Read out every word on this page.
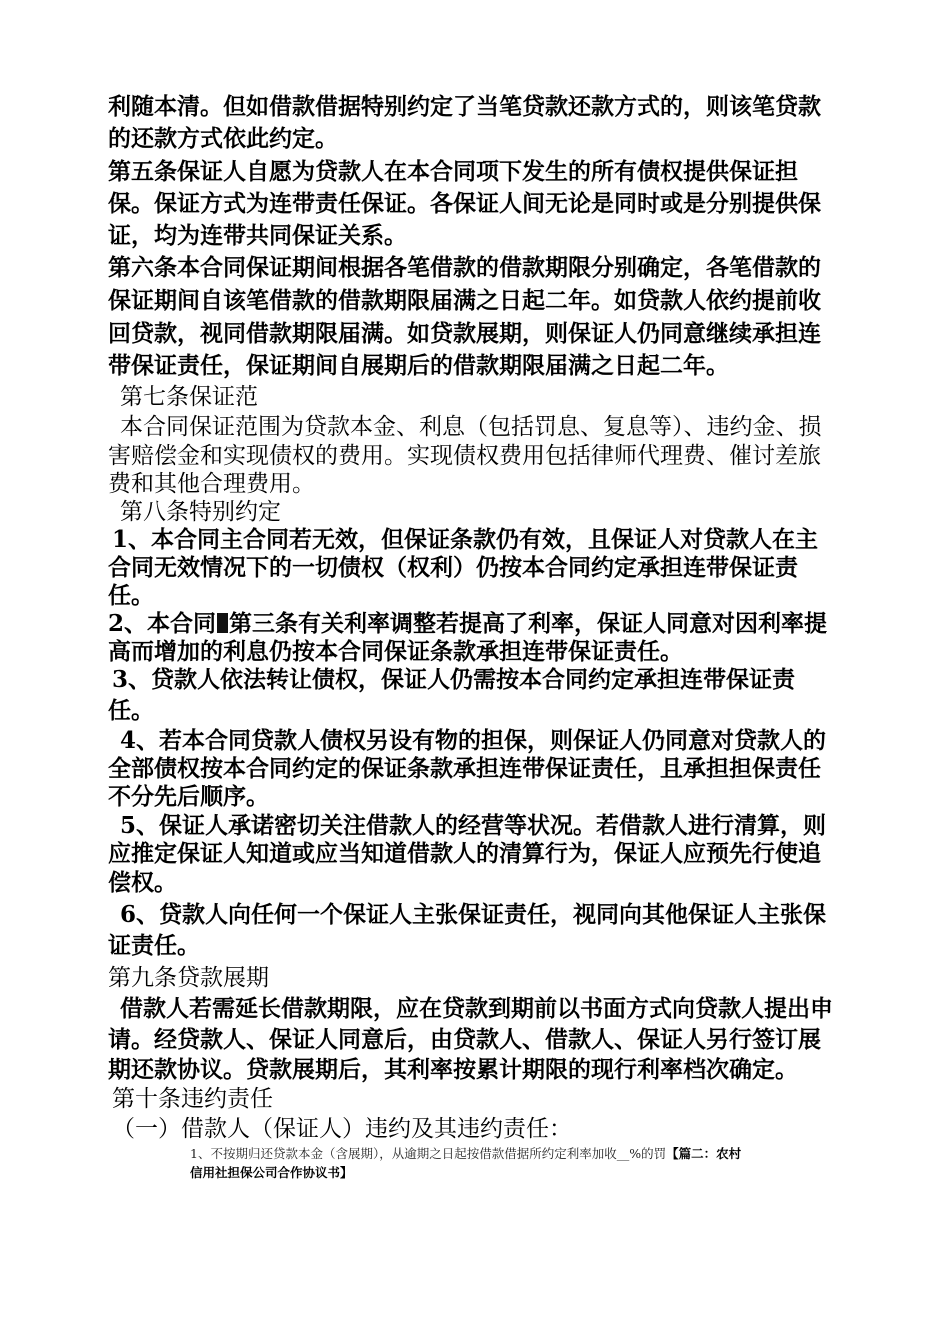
利随本清。但如借款借据特别约定了当笔贷款还款方式的，则该笔贷款
的还款方式依此约定。
第五条保证人自愿为贷款人在本合同项下发生的所有债权提供保证担
保。保证方式为连带责任保证。各保证人间无论是同时或是分别提供保
证，均为连带共同保证关系。
第六条本合同保证期间根据各笔借款的借款期限分别确定，各笔借款的
保证期间自该笔借款的借款期限届满之日起二年。如贷款人依约提前收
回贷款，视同借款期限届满。如贷款展期，则保证人仍同意继续承担连
带保证责任，保证期间自展期后的借款期限届满之日起二年。
第七条保证范
本合同保证范围为贷款本金、利息（包括罚息、复息等）、违约金、损
害赔偿金和实现债权的费用。实现债权费用包括律师代理费、催讨差旅
费和其他合理费用。
第八条特别约定
1、本合同主合同若无效，但保证条款仍有效，且保证人对贷款人在主
合同无效情况下的一切债权（权利）仍按本合同约定承担连带保证责
任。
2、本合同 第三条有关利率调整若提高了利率，保证人同意对因利率提
高而增加的利息仍按本合同保证条款承担连带保证责任。
3、贷款人依法转让债权，保证人仍需按本合同约定承担连带保证责
任。
4、若本合同贷款人债权另设有物的担保，则保证人仍同意对贷款人的
全部债权按本合同约定的保证条款承担连带保证责任，且承担担保责任
不分先后顺序。
5、保证人承诺密切关注借款人的经营等状况。若借款人进行清算，则
应推定保证人知道或应当知道借款人的清算行为，保证人应预先行使追
偿权。
6、贷款人向任何一个保证人主张保证责任，视同向其他保证人主张保
证责任。
第九条贷款展期
借款人若需延长借款期限，应在贷款到期前以书面方式向贷款人提出申
请。经贷款人、保证人同意后，由贷款人、借款人、保证人另行签订展
期还款协议。贷款展期后，其利率按累计期限的现行利率档次确定。
第十条违约责任
（一）借款人（保证人）违约及其违约责任：
1、不按期归还贷款本金（含展期），从逾期之日起按借款借据所约定利率加收__%的罚【篇二：农村
信用社担保公司合作协议书】
